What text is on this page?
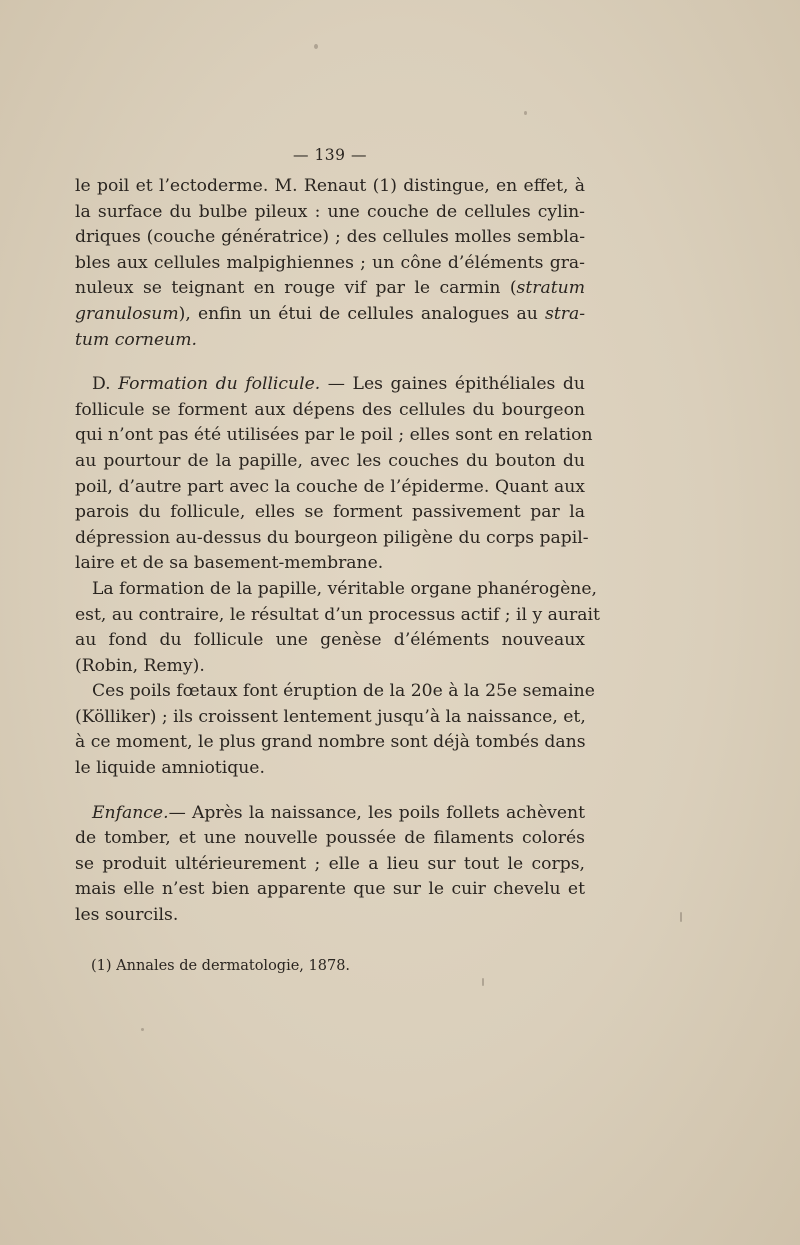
— 139 —
le poil et l’ectoderme. M. Renaut (1) distingue, en effet, à
la surface du bulbe pileux : une couche de cellules cylin-
driques (couche génératrice) ; des cellules molles sembla-
bles aux cellules malpighiennes ; un cône d’éléments gra-
nuleux se teignant en rouge vif par le carmin (stratum
granulosum), enfin un étui de cellules analogues au stra-
tum corneum.
D. Formation du follicule. — Les gaines épithéliales du
follicule se forment aux dépens des cellules du bourgeon
qui n’ont pas été utilisées par le poil ; elles sont en relation
au pourtour de la papille, avec les couches du bouton du
poil, d’autre part avec la couche de l’épiderme. Quant aux
parois du follicule, elles se forment passivement par la
dépression au-dessus du bourgeon piligène du corps papil-
laire et de sa basement-membrane.
La formation de la papille, véritable organe phanérogène,
est, au contraire, le résultat d’un processus actif ; il y aurait
au fond du follicule une genèse d’éléments nouveaux
(Robin, Remy).
Ces poils fœtaux font éruption de la 20e à la 25e semaine
(Kölliker) ; ils croissent lentement jusqu’à la naissance, et,
à ce moment, le plus grand nombre sont déjà tombés dans
le liquide amniotique.
Enfance.— Après la naissance, les poils follets achèvent
de tomber, et une nouvelle poussée de filaments colorés
se produit ultérieurement ; elle a lieu sur tout le corps,
mais elle n’est bien apparente que sur le cuir chevelu et
les sourcils.
(1) Annales de dermatologie, 1878.
